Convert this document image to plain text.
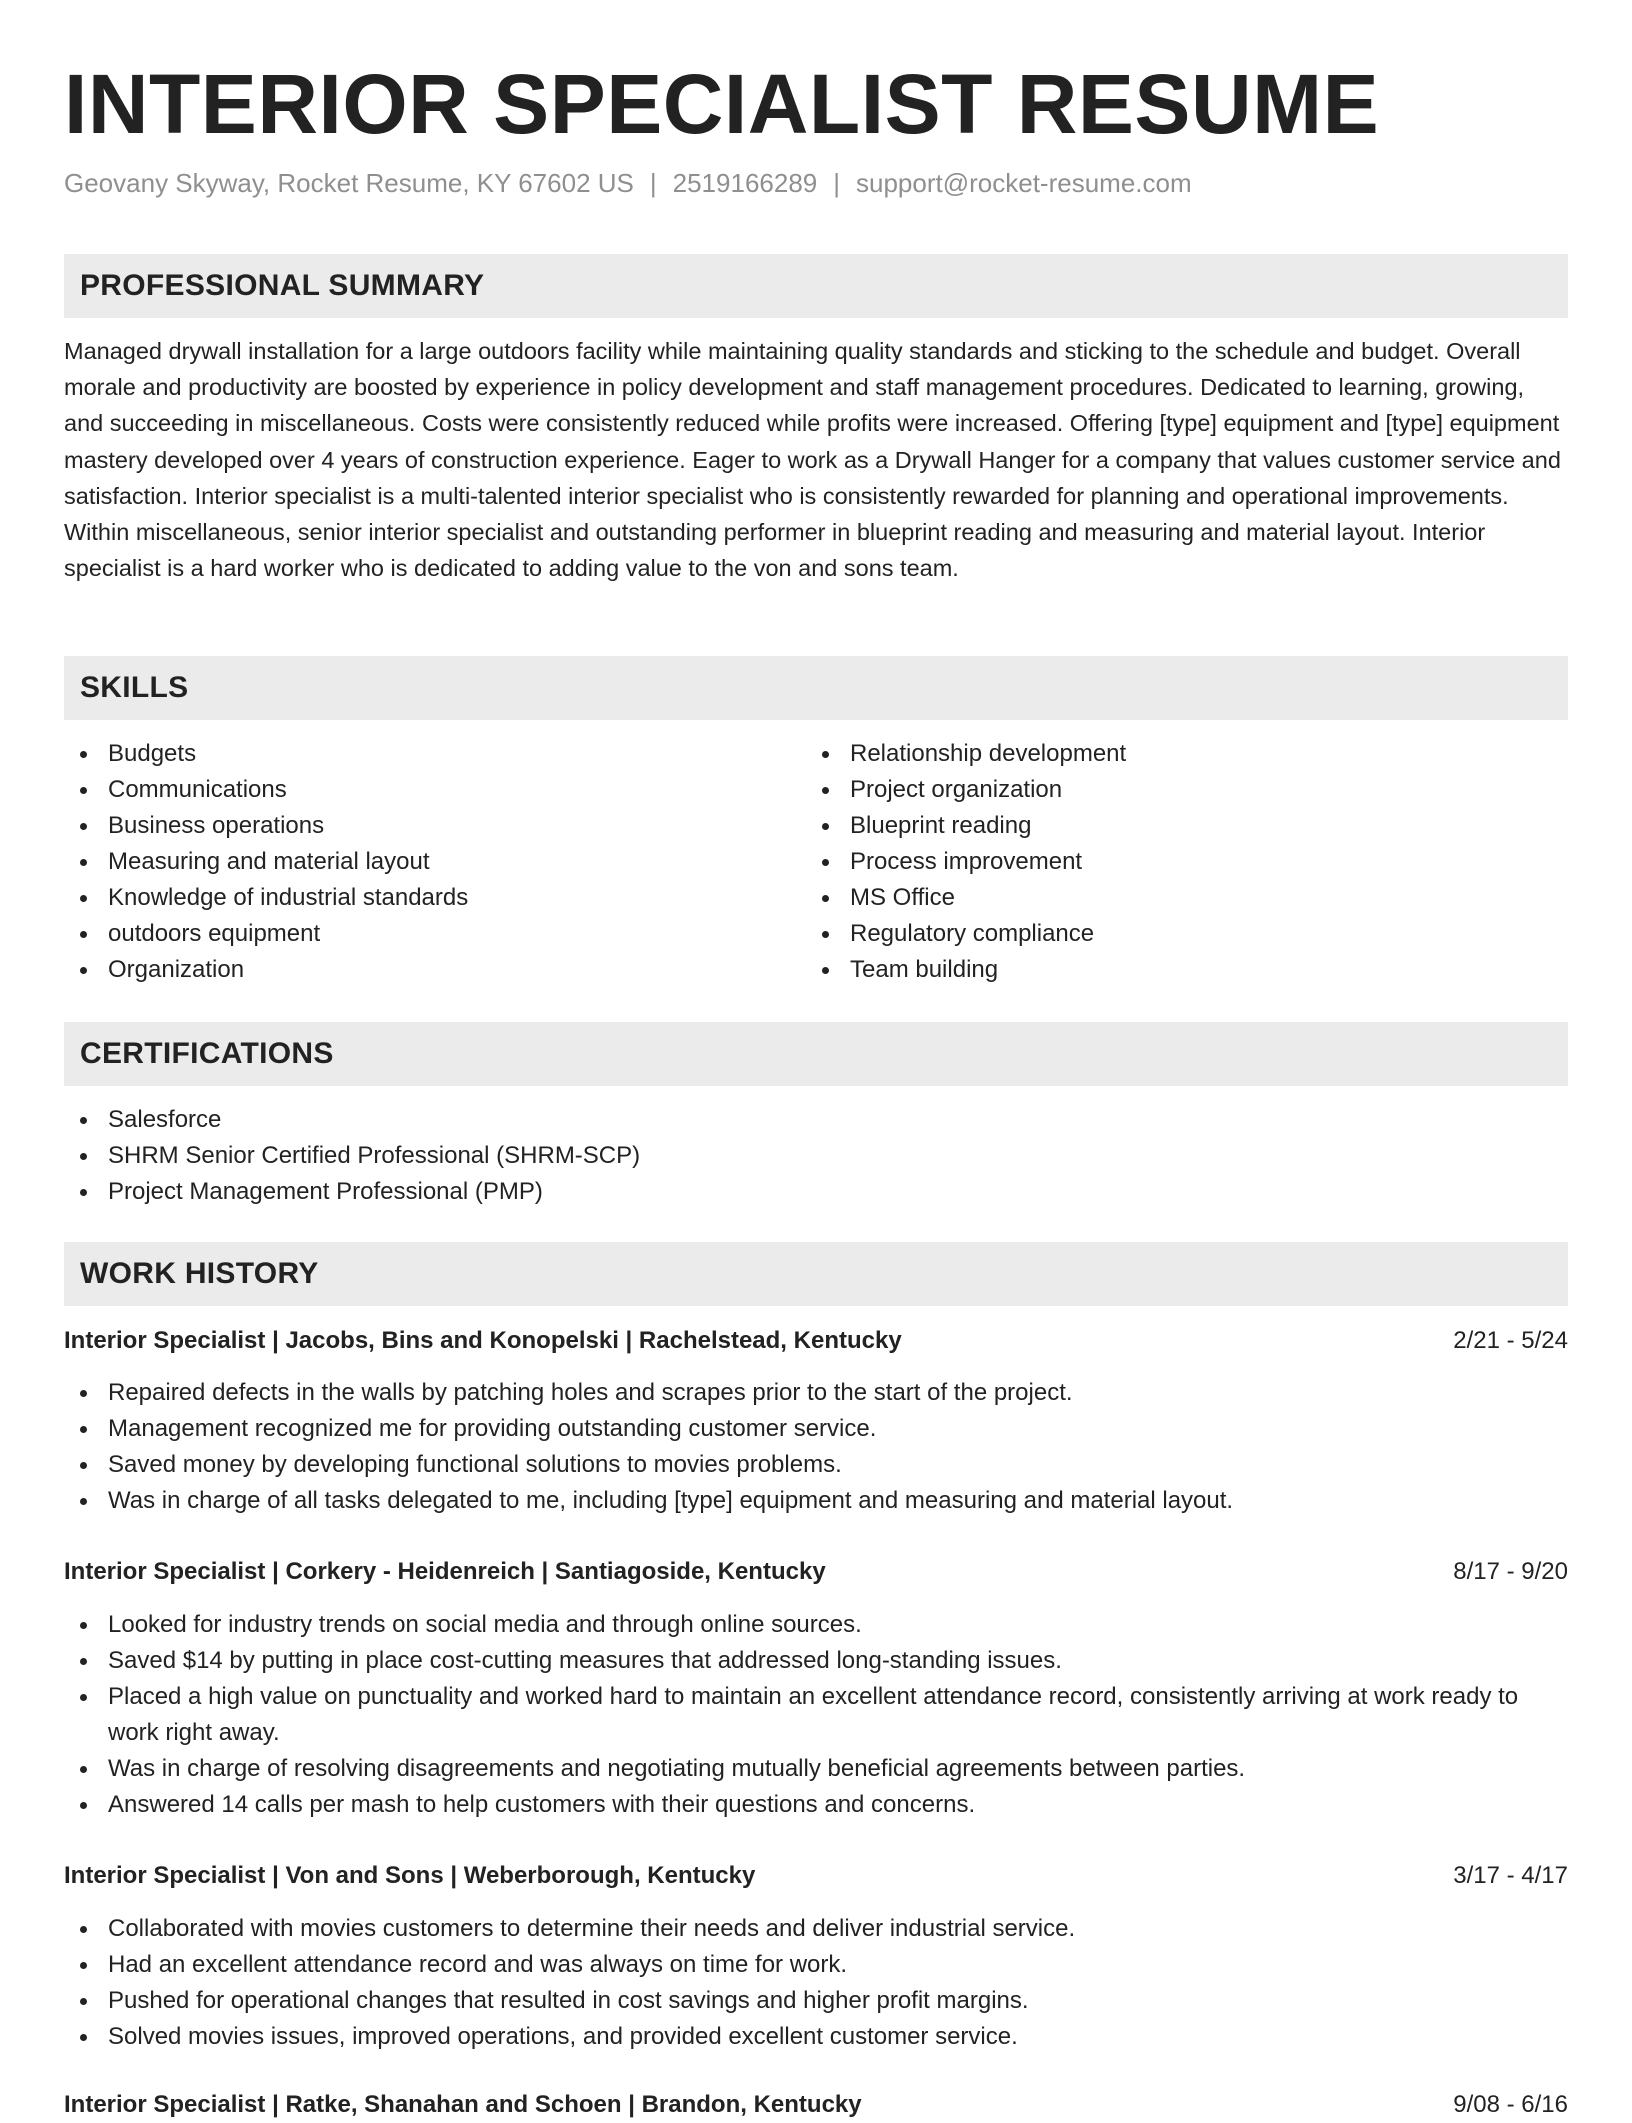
INTERIOR SPECIALIST RESUME
Geovany Skyway, Rocket Resume, KY 67602 US | 2519166289 | support@rocket-resume.com
PROFESSIONAL SUMMARY

Managed drywall installation for a large outdoors facility while maintaining quality standards and sticking to the schedule and budget. Overall morale and productivity are boosted by experience in policy development and staff management procedures. Dedicated to learning, growing, and succeeding in miscellaneous. Costs were consistently reduced while profits were increased. Offering [type] equipment and [type] equipment mastery developed over 4 years of construction experience. Eager to work as a Drywall Hanger for a company that values customer service and satisfaction. Interior specialist is a multi-talented interior specialist who is consistently rewarded for planning and operational improvements. Within miscellaneous, senior interior specialist and outstanding performer in blueprint reading and measuring and material layout. Interior specialist is a hard worker who is dedicated to adding value to the von and sons team.

SKILLS
Budgets
Communications
Business operations
Measuring and material layout
Knowledge of industrial standards
outdoors equipment
Organization
Relationship development
Project organization
Blueprint reading
Process improvement
MS Office
Regulatory compliance
Team building
CERTIFICATIONS
Salesforce
SHRM Senior Certified Professional (SHRM-SCP)
Project Management Professional (PMP)
WORK HISTORY
Interior Specialist | Jacobs, Bins and Konopelski | Rachelstead, Kentucky	2/21 - 5/24
Repaired defects in the walls by patching holes and scrapes prior to the start of the project.
Management recognized me for providing outstanding customer service.
Saved money by developing functional solutions to movies problems.
Was in charge of all tasks delegated to me, including [type] equipment and measuring and material layout.
Interior Specialist | Corkery - Heidenreich | Santiagoside, Kentucky	8/17 - 9/20
Looked for industry trends on social media and through online sources.
Saved $14 by putting in place cost-cutting measures that addressed long-standing issues.
Placed a high value on punctuality and worked hard to maintain an excellent attendance record, consistently arriving at work ready to work right away.
Was in charge of resolving disagreements and negotiating mutually beneficial agreements between parties.
Answered 14 calls per mash to help customers with their questions and concerns.
Interior Specialist | Von and Sons | Weberborough, Kentucky	3/17 - 4/17
Collaborated with movies customers to determine their needs and deliver industrial service.
Had an excellent attendance record and was always on time for work.
Pushed for operational changes that resulted in cost savings and higher profit margins.
Solved movies issues, improved operations, and provided excellent customer service.
Interior Specialist | Ratke, Shanahan and Schoen | Brandon, Kentucky	9/08 - 6/16
